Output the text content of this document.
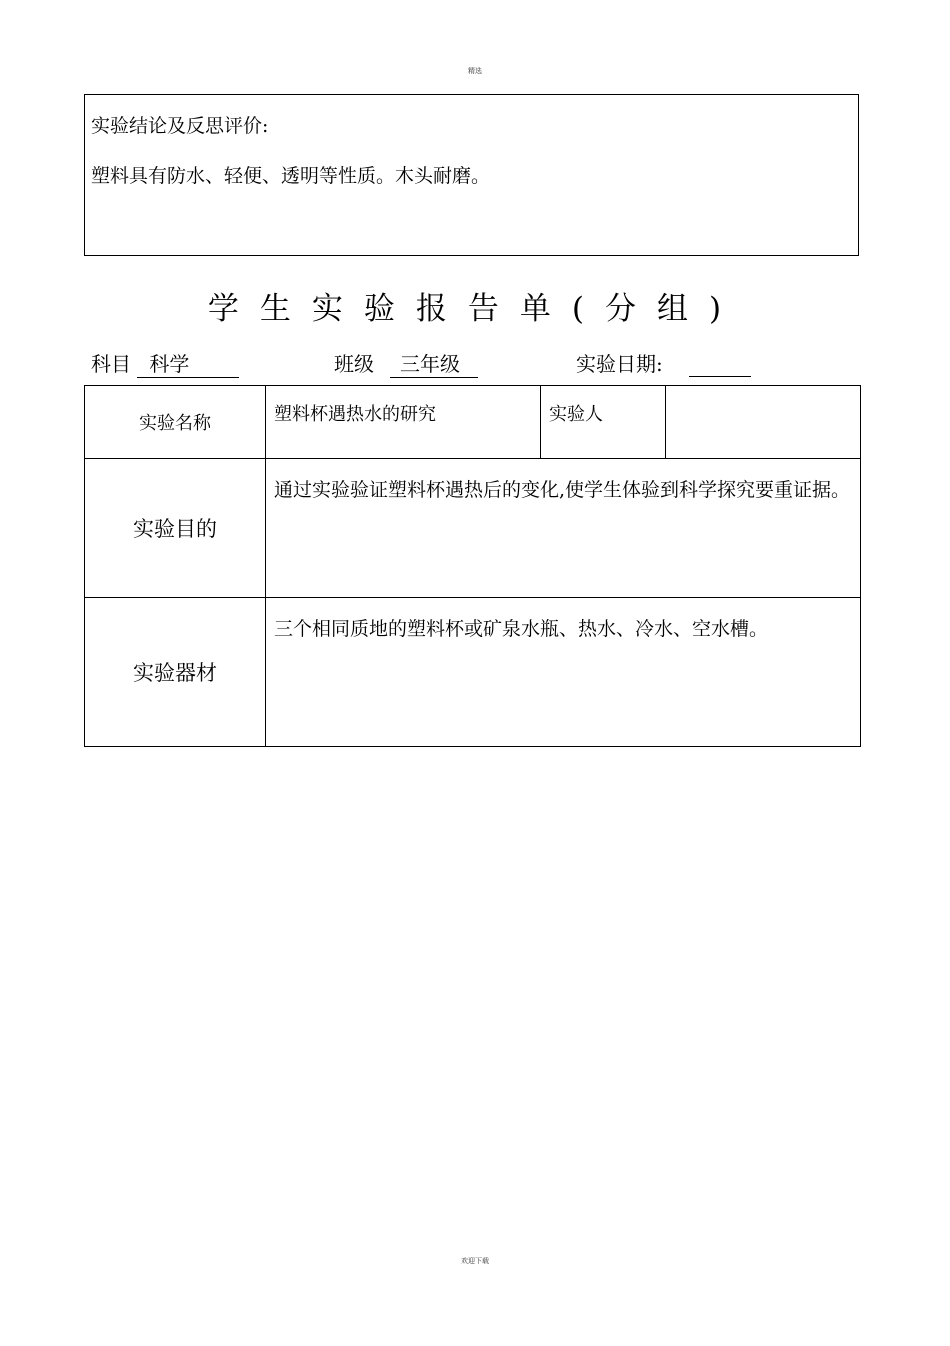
精选
实验结论及反思评价:
塑料具有防水、轻便、透明等性质。木头耐磨。
学生实验报告单(分组)
科目 科学	班级 三年级	实验日期:
实验名称	塑料杯遇热水的研究	实验人	
实验目的	通过实验验证塑料杯遇热后的变化,使学生体验到科学探究要重证据。		
实验器材	三个相同质地的塑料杯或矿泉水瓶、热水、冷水、空水槽。		
欢迎下载
